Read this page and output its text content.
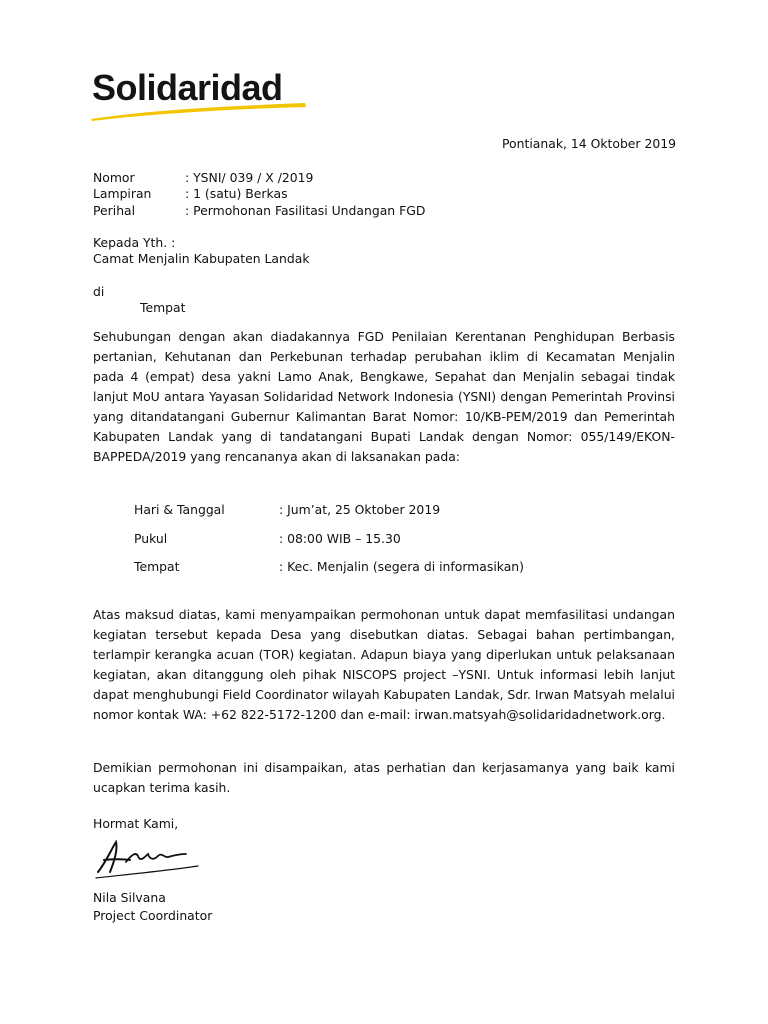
Solidaridad
Pontianak, 14 Oktober 2019
Nomor	: YSNI/ 039 / X /2019
Lampiran	: 1 (satu) Berkas
Perihal	: Permohonan Fasilitasi Undangan FGD
Kepada Yth. :
Camat Menjalin Kabupaten Landak
di
Tempat
Sehubungan dengan akan diadakannya FGD Penilaian Kerentanan Penghidupan Berbasis pertanian, Kehutanan dan Perkebunan terhadap perubahan iklim di Kecamatan Menjalin pada 4 (empat) desa yakni Lamo Anak, Bengkawe, Sepahat dan Menjalin sebagai tindak lanjut MoU antara Yayasan Solidaridad Network Indonesia (YSNI) dengan Pemerintah Provinsi yang ditandatangani Gubernur Kalimantan Barat Nomor: 10/KB-PEM/2019 dan Pemerintah Kabupaten Landak yang di tandatangani Bupati Landak dengan Nomor: 055/149/EKON-BAPPEDA/2019 yang rencananya akan di laksanakan pada:
Hari & Tanggal	: Jum’at, 25 Oktober 2019
Pukul	: 08:00 WIB – 15.30
Tempat	: Kec. Menjalin (segera di informasikan)
Atas maksud diatas, kami menyampaikan permohonan untuk dapat memfasilitasi undangan kegiatan tersebut kepada Desa yang disebutkan diatas. Sebagai bahan pertimbangan, terlampir kerangka acuan (TOR) kegiatan. Adapun biaya yang diperlukan untuk pelaksanaan kegiatan, akan ditanggung oleh pihak NISCOPS project –YSNI. Untuk informasi lebih lanjut dapat menghubungi Field Coordinator wilayah Kabupaten Landak, Sdr. Irwan Matsyah melalui nomor kontak WA: +62 822-5172-1200 dan e-mail: irwan.matsyah@solidaridadnetwork.org.
Demikian permohonan ini disampaikan, atas perhatian dan kerjasamanya yang baik kami ucapkan terima kasih.
Hormat Kami,
Nila Silvana
Project Coordinator
